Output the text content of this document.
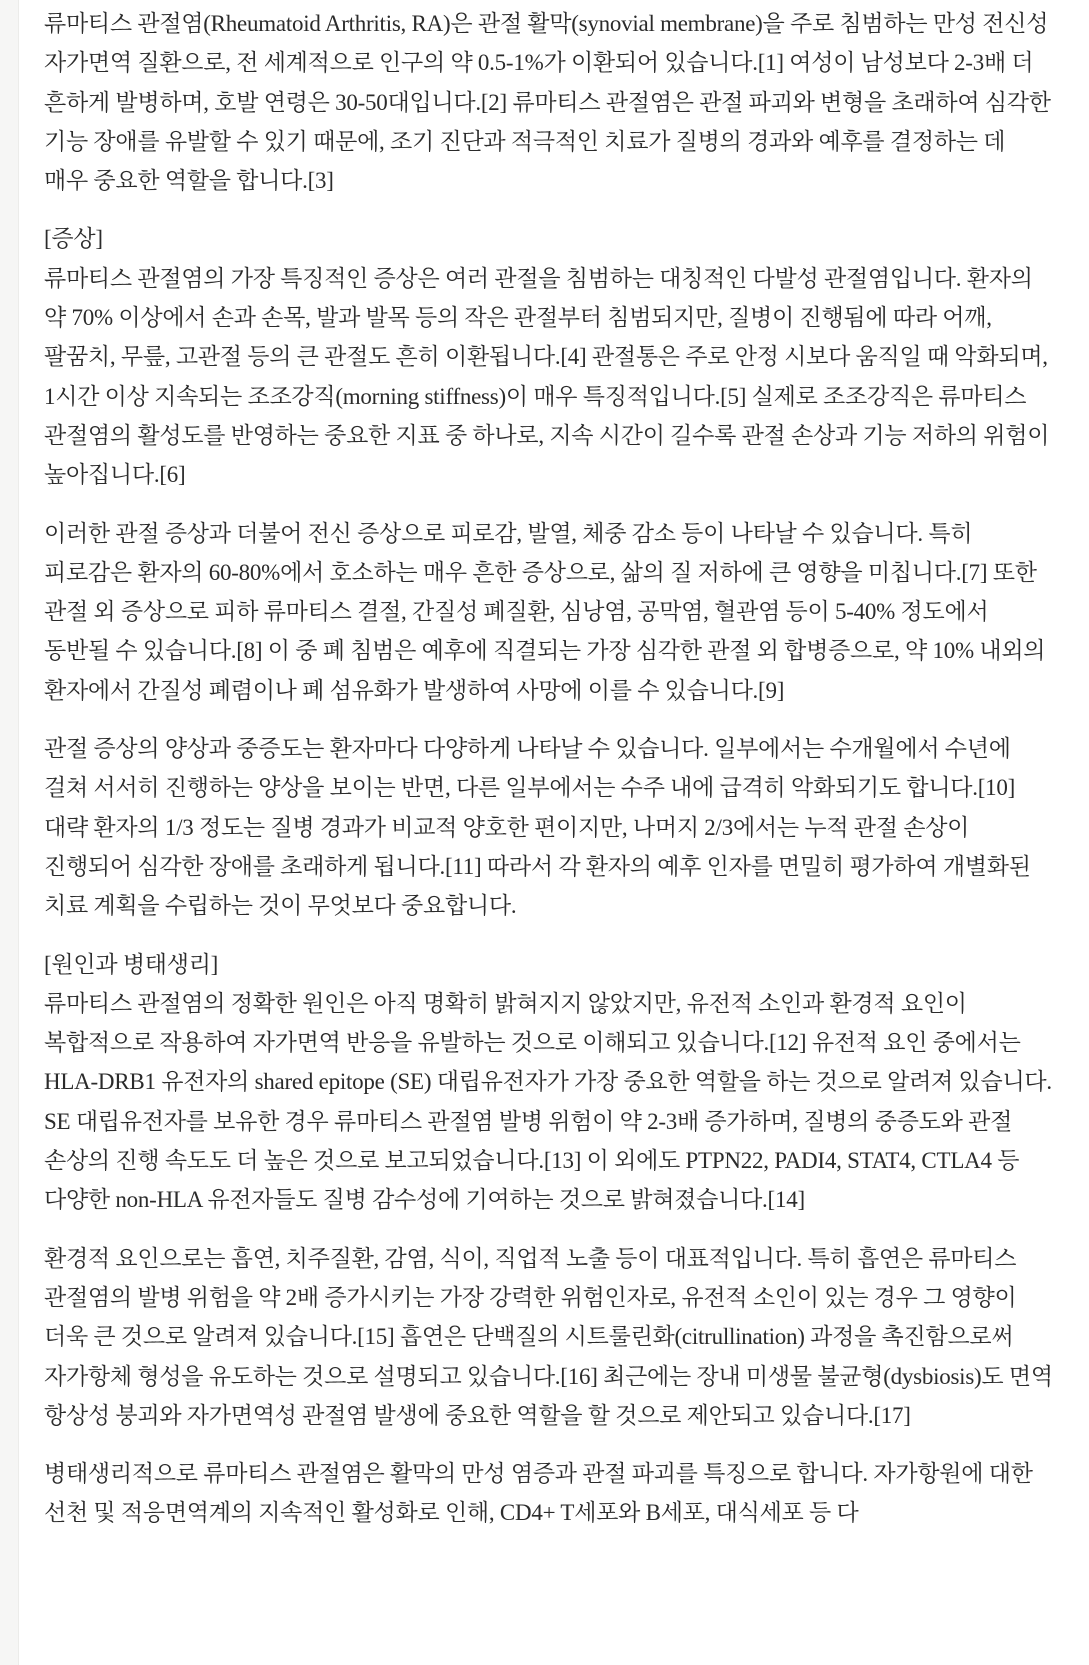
류마티스 관절염(Rheumatoid Arthritis, RA)은 관절 활막(synovial membrane)을 주로 침범하는 만성 전신성 자가면역 질환으로, 전 세계적으로 인구의 약 0.5-1%가 이환되어 있습니다.[1] 여성이 남성보다 2-3배 더 흔하게 발병하며, 호발 연령은 30-50대입니다.[2] 류마티스 관절염은 관절 파괴와 변형을 초래하여 심각한 기능 장애를 유발할 수 있기 때문에, 조기 진단과 적극적인 치료가 질병의 경과와 예후를 결정하는 데 매우 중요한 역할을 합니다.[3]

[증상]

류마티스 관절염의 가장 특징적인 증상은 여러 관절을 침범하는 대칭적인 다발성 관절염입니다. 환자의 약 70% 이상에서 손과 손목, 발과 발목 등의 작은 관절부터 침범되지만, 질병이 진행됨에 따라 어깨, 팔꿈치, 무릎, 고관절 등의 큰 관절도 흔히 이환됩니다.[4] 관절통은 주로 안정 시보다 움직일 때 악화되며, 1시간 이상 지속되는 조조강직(morning stiffness)이 매우 특징적입니다.[5] 실제로 조조강직은 류마티스 관절염의 활성도를 반영하는 중요한 지표 중 하나로, 지속 시간이 길수록 관절 손상과 기능 저하의 위험이 높아집니다.[6]

이러한 관절 증상과 더불어 전신 증상으로 피로감, 발열, 체중 감소 등이 나타날 수 있습니다. 특히 피로감은 환자의 60-80%에서 호소하는 매우 흔한 증상으로, 삶의 질 저하에 큰 영향을 미칩니다.[7] 또한 관절 외 증상으로 피하 류마티스 결절, 간질성 폐질환, 심낭염, 공막염, 혈관염 등이 5-40% 정도에서 동반될 수 있습니다.[8] 이 중 폐 침범은 예후에 직결되는 가장 심각한 관절 외 합병증으로, 약 10% 내외의 환자에서 간질성 폐렴이나 폐 섬유화가 발생하여 사망에 이를 수 있습니다.[9]

관절 증상의 양상과 중증도는 환자마다 다양하게 나타날 수 있습니다. 일부에서는 수개월에서 수년에 걸쳐 서서히 진행하는 양상을 보이는 반면, 다른 일부에서는 수주 내에 급격히 악화되기도 합니다.[10] 대략 환자의 1/3 정도는 질병 경과가 비교적 양호한 편이지만, 나머지 2/3에서는 누적 관절 손상이 진행되어 심각한 장애를 초래하게 됩니다.[11] 따라서 각 환자의 예후 인자를 면밀히 평가하여 개별화된 치료 계획을 수립하는 것이 무엇보다 중요합니다.

[원인과 병태생리]

류마티스 관절염의 정확한 원인은 아직 명확히 밝혀지지 않았지만, 유전적 소인과 환경적 요인이 복합적으로 작용하여 자가면역 반응을 유발하는 것으로 이해되고 있습니다.[12] 유전적 요인 중에서는 HLA-DRB1 유전자의 shared epitope (SE) 대립유전자가 가장 중요한 역할을 하는 것으로 알려져 있습니다. SE 대립유전자를 보유한 경우 류마티스 관절염 발병 위험이 약 2-3배 증가하며, 질병의 중증도와 관절 손상의 진행 속도도 더 높은 것으로 보고되었습니다.[13] 이 외에도 PTPN22, PADI4, STAT4, CTLA4 등 다양한 non-HLA 유전자들도 질병 감수성에 기여하는 것으로 밝혀졌습니다.[14]

환경적 요인으로는 흡연, 치주질환, 감염, 식이, 직업적 노출 등이 대표적입니다. 특히 흡연은 류마티스 관절염의 발병 위험을 약 2배 증가시키는 가장 강력한 위험인자로, 유전적 소인이 있는 경우 그 영향이 더욱 큰 것으로 알려져 있습니다.[15] 흡연은 단백질의 시트룰린화(citrullination) 과정을 촉진함으로써 자가항체 형성을 유도하는 것으로 설명되고 있습니다.[16] 최근에는 장내 미생물 불균형(dysbiosis)도 면역 항상성 붕괴와 자가면역성 관절염 발생에 중요한 역할을 할 것으로 제안되고 있습니다.[17]

병태생리적으로 류마티스 관절염은 활막의 만성 염증과 관절 파괴를 특징으로 합니다. 자가항원에 대한 선천 및 적응면역계의 지속적인 활성화로 인해, CD4+ T세포와 B세포, 대식세포 등 다
